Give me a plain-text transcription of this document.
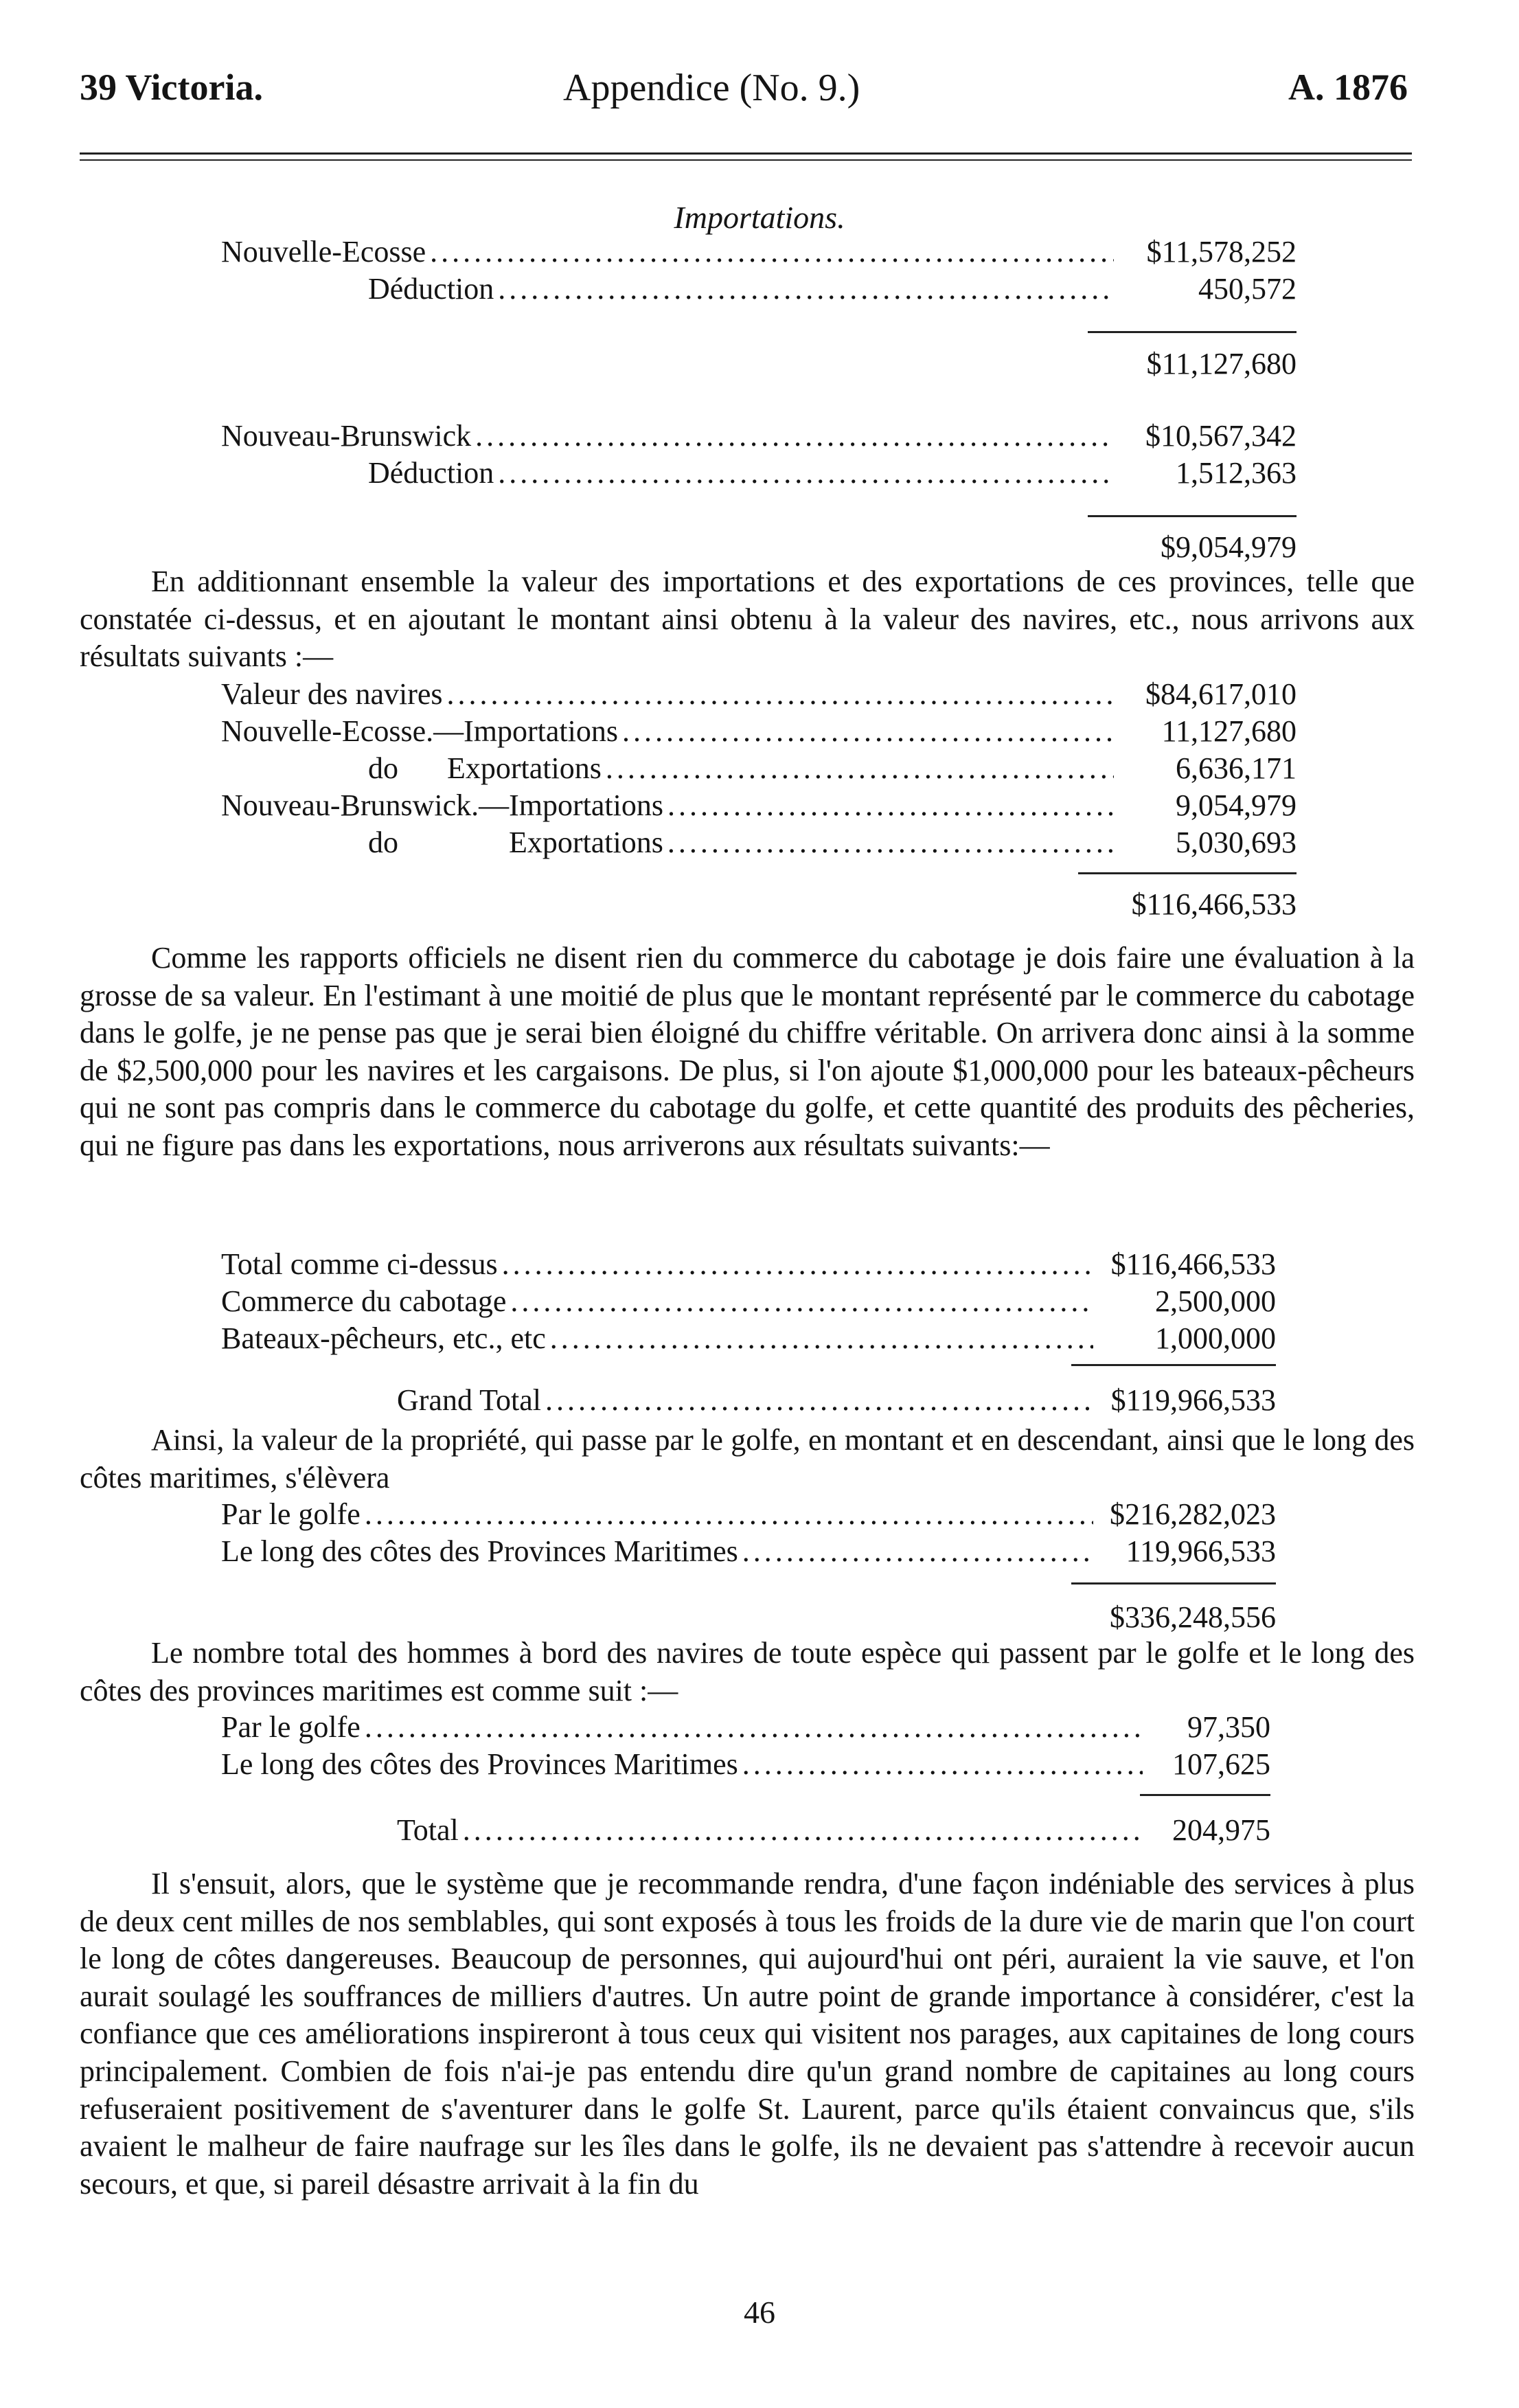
39 Victoria.	Appendice (No. 9.)	A. 1876
Importations.
Nouvelle-Ecosse .....	$11,578,252
Déduction .....	450,572
$11,127,680
Nouveau-Brunswick .....	$10,567,342
Déduction .....	1,512,363
$9,054,979
En additionnant ensemble la valeur des importations et des exportations de ces provinces, telle que constatée ci-dessus, et en ajoutant le montant ainsi obtenu à la valeur des navires, etc., nous arrivons aux résultats suivants :—
Valeur des navires .....	$84,617,010
Nouvelle-Ecosse.—Importations .....	11,127,680
do Exportations .....	6,636,171
Nouveau-Brunswick.—Importations .....	9,054,979
do Exportations .....	5,030,693
$116,466,533
Comme les rapports officiels ne disent rien du commerce du cabotage je dois faire une évaluation à la grosse de sa valeur. En l'estimant à une moitié de plus que le montant représenté par le commerce du cabotage dans le golfe, je ne pense pas que je serai bien éloigné du chiffre véritable. On arrivera donc ainsi à la somme de $2,500,000 pour les navires et les cargaisons. De plus, si l'on ajoute $1,000,000 pour les bateaux-pêcheurs qui ne sont pas compris dans le commerce du cabotage du golfe, et cette quantité des produits des pêcheries, qui ne figure pas dans les exportations, nous arriverons aux résultats suivants:—
Total comme ci-dessus .....	$116,466,533
Commerce du cabotage .....	2,500,000
Bateaux-pêcheurs, etc., etc .....	1,000,000
Grand Total .....	$119,966,533
Ainsi, la valeur de la propriété, qui passe par le golfe, en montant et en descendant, ainsi que le long des côtes maritimes, s'élèvera
Par le golfe .....	$216,282,023
Le long des côtes des Provinces Maritimes .....	119,966,533
$336,248,556
Le nombre total des hommes à bord des navires de toute espèce qui passent par le golfe et le long des côtes des provinces maritimes est comme suit :—
Par le golfe .....	97,350
Le long des côtes des Provinces Maritimes .....	107,625
Total .....	204,975
Il s'ensuit, alors, que le système que je recommande rendra, d'une façon indéniable des services à plus de deux cent milles de nos semblables, qui sont exposés à tous les froids de la dure vie de marin que l'on court le long de côtes dangereuses. Beaucoup de personnes, qui aujourd'hui ont péri, auraient la vie sauve, et l'on aurait soulagé les souffrances de milliers d'autres. Un autre point de grande importance à considérer, c'est la confiance que ces améliorations inspireront à tous ceux qui visitent nos parages, aux capitaines de long cours principalement. Combien de fois n'ai-je pas entendu dire qu'un grand nombre de capitaines au long cours refuseraient positivement de s'aventurer dans le golfe St. Laurent, parce qu'ils étaient convaincus que, s'ils avaient le malheur de faire naufrage sur les îles dans le golfe, ils ne devaient pas s'attendre à recevoir aucun secours, et que, si pareil désastre arrivait à la fin du
46
